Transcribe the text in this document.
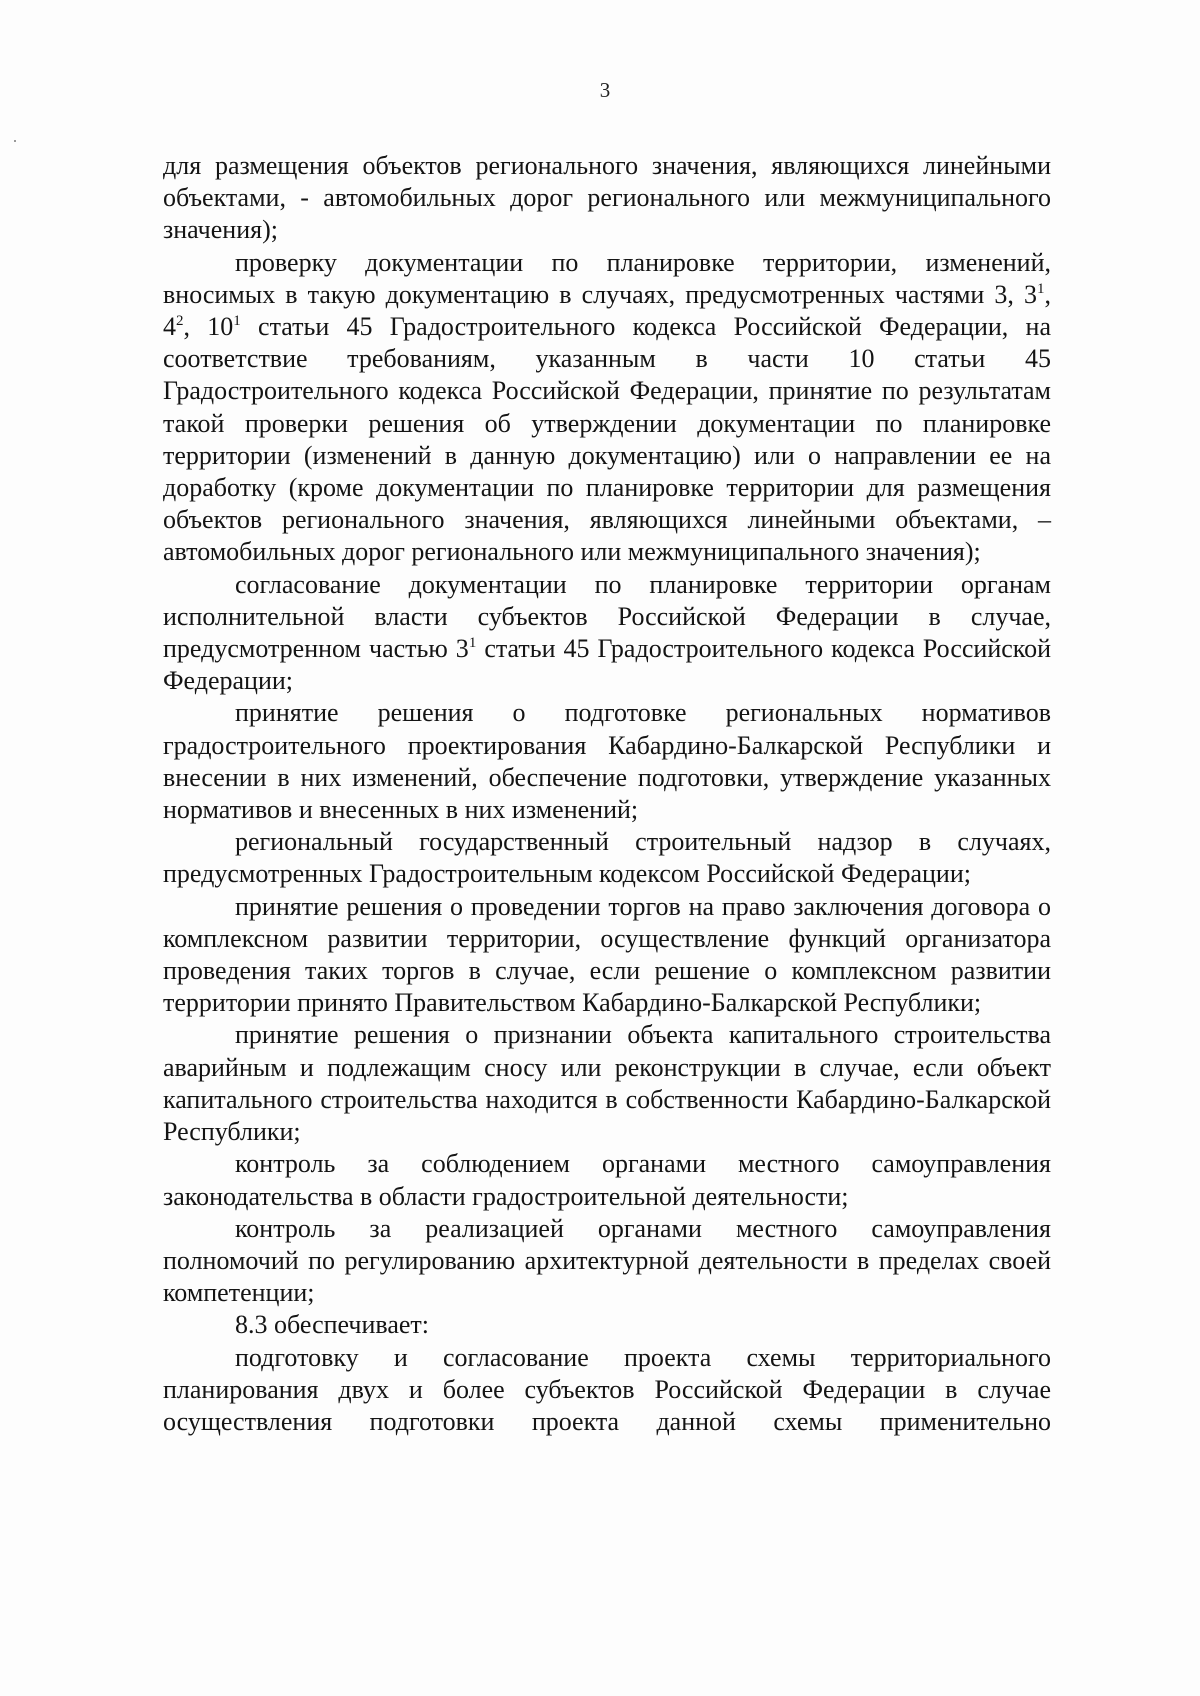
3

для размещения объектов регионального значения, являющихся линейными объектами, - автомобильных дорог регионального или межмуниципального значения);

проверку документации по планировке территории, изменений, вносимых в такую документацию в случаях, предусмотренных частями 3, $3^1$, $4^2$, $10^1$ статьи 45 Градостроительного кодекса Российской Федерации, на соответствие требованиям, указанным в части 10 статьи 45 Градостроительного кодекса Российской Федерации, принятие по результатам такой проверки решения об утверждении документации по планировке территории (изменений в данную документацию) или о направлении ее на доработку (кроме документации по планировке территории для размещения объектов регионального значения, являющихся линейными объектами, – автомобильных дорог регионального или межмуниципального значения);

согласование документации по планировке территории органам исполнительной власти субъектов Российской Федерации в случае, предусмотренном частью $3^1$ статьи 45 Градостроительного кодекса Российской Федерации;

принятие решения о подготовке региональных нормативов градостроительного проектирования Кабардино-Балкарской Республики и внесении в них изменений, обеспечение подготовки, утверждение указанных нормативов и внесенных в них изменений;

региональный государственный строительный надзор в случаях, предусмотренных Градостроительным кодексом Российской Федерации;

принятие решения о проведении торгов на право заключения договора о комплексном развитии территории, осуществление функций организатора проведения таких торгов в случае, если решение о комплексном развитии территории принято Правительством Кабардино-Балкарской Республики;

принятие решения о признании объекта капитального строительства аварийным и подлежащим сносу или реконструкции в случае, если объект капитального строительства находится в собственности Кабардино-Балкарской Республики;

контроль за соблюдением органами местного самоуправления законодательства в области градостроительной деятельности;

контроль за реализацией органами местного самоуправления полномочий по регулированию архитектурной деятельности в пределах своей компетенции;

8.3 обеспечивает:

подготовку и согласование проекта схемы территориального планирования двух и более субъектов Российской Федерации в случае осуществления подготовки проекта данной схемы применительно
